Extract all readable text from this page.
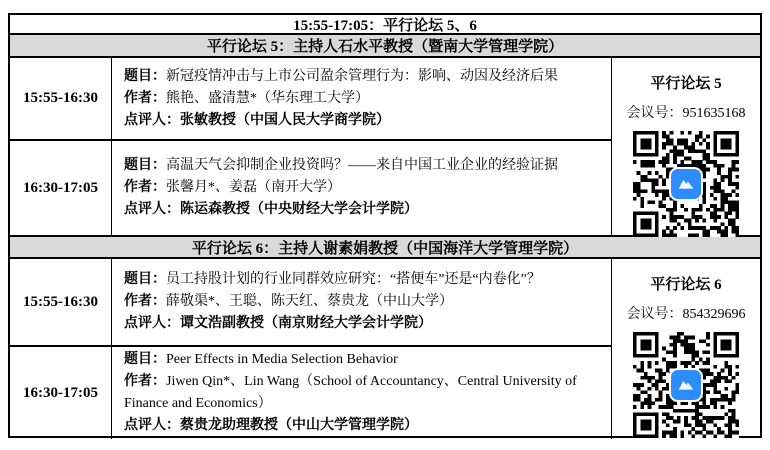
15:55-17:05：平行论坛 5、6
平行论坛 5：主持人石水平教授（暨南大学管理学院）
15:55-16:30
题目：新冠疫情冲击与上市公司盈余管理行为：影响、动因及经济后果
作者：熊艳、盛清慧*（华东理工大学）
点评人：张敏教授（中国人民大学商学院）
16:30-17:05
题目：高温天气会抑制企业投资吗？——来自中国工业企业的经验证据
作者：张馨月*、姜磊（南开大学）
点评人：陈运森教授（中央财经大学会计学院）
平行论坛 5
会议号：951635168
平行论坛 6：主持人谢素娟教授（中国海洋大学管理学院）
15:55-16:30
题目：员工持股计划的行业同群效应研究：“搭便车”还是“内卷化”？
作者：薛敬渠*、王聪、陈天红、蔡贵龙（中山大学）
点评人：谭文浩副教授（南京财经大学会计学院）
16:30-17:05
题目：Peer Effects in Media Selection Behavior
作者：Jiwen Qin*、Lin Wang（School of Accountancy、Central University of Finance and Economics）
点评人：蔡贵龙助理教授（中山大学管理学院）
平行论坛 6
会议号：854329696
